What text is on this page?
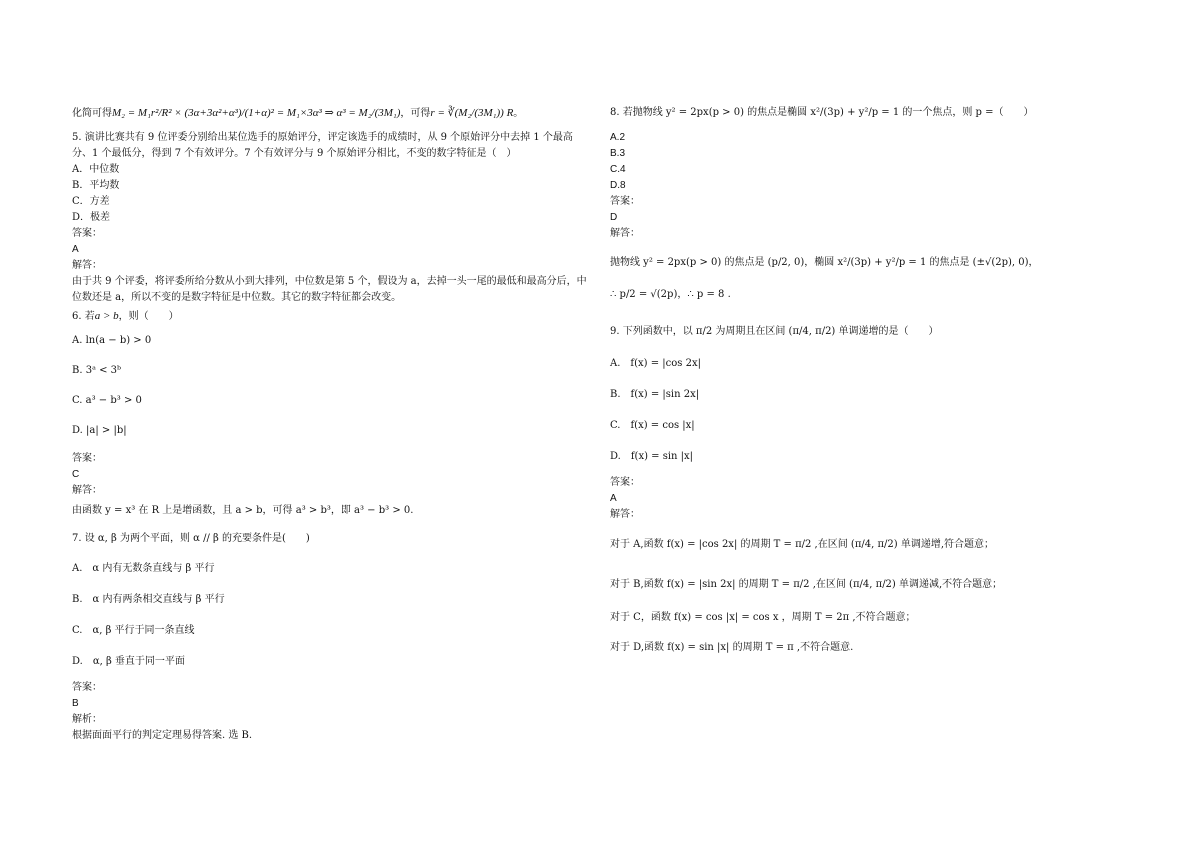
化简可得M₂ = M₁r²/R² × (3α+3α²+α³)/(1+α)² = M₁×3α³ ⇒ α³ = M₂/(3M₁)，可得r = ∛(M₂/(3M₁)) R。
5. 演讲比赛共有 9 位评委分别给出某位选手的原始评分，评定该选手的成绩时，从 9 个原始评分中去掉 1 个最高分、1 个最低分，得到 7 个有效评分。7 个有效评分与 9 个原始评分相比，不变的数字特征是（　）
A．中位数
B．平均数
C．方差
D．极差
答案：
A
解答：
由于共 9 个评委，将评委所给分数从小到大排列，中位数是第 5 个，假设为 a，去掉一头一尾的最低和最高分后，中位数还是 a，所以不变的是数字特征是中位数。其它的数字特征都会改变。
6. 若a > b，则（　　）
A. ln(a − b) > 0
B. 3ᵃ < 3ᵇ
C. a³ − b³ > 0
D. |a| > |b|
答案：
C
解答：
由函数 y = x³ 在 R 上是增函数，且 a > b，可得 a³ > b³，即 a³ − b³ > 0.
7. 设 α, β 为两个平面，则 α // β 的充要条件是(　　)
A.　α 内有无数条直线与 β 平行
B.　α 内有两条相交直线与 β 平行
C.　α, β 平行于同一条直线
D.　α, β 垂直于同一平面
答案：
B
解析：
根据面面平行的判定定理易得答案. 选 B.
8. 若抛物线 y² = 2px(p > 0) 的焦点是椭圆 x²/(3p) + y²/p = 1 的一个焦点，则 p =（　　）
A.2
B.3
C.4
D.8
答案：
D
解答：
抛物线 y² = 2px(p > 0) 的焦点是 (p/2, 0)，椭圆 x²/(3p) + y²/p = 1 的焦点是 (±√(2p), 0)，
∴ p/2 = √(2p)，∴ p = 8 .
9. 下列函数中，以 π/2 为周期且在区间 (π/4, π/2) 单调递增的是（　　）
A.　f(x) = |cos 2x|
B.　f(x) = |sin 2x|
C.　f(x) = cos |x|
D.　f(x) = sin |x|
答案：
A
解答：
对于 A,函数 f(x) = |cos 2x| 的周期 T = π/2 ,在区间 (π/4, π/2) 单调递增,符合题意；
对于 B,函数 f(x) = |sin 2x| 的周期 T = π/2 ,在区间 (π/4, π/2) 单调递减,不符合题意；
对于 C，函数 f(x) = cos |x| = cos x ，周期 T = 2π ,不符合题意；
对于 D,函数 f(x) = sin |x| 的周期 T = π ,不符合题意.
